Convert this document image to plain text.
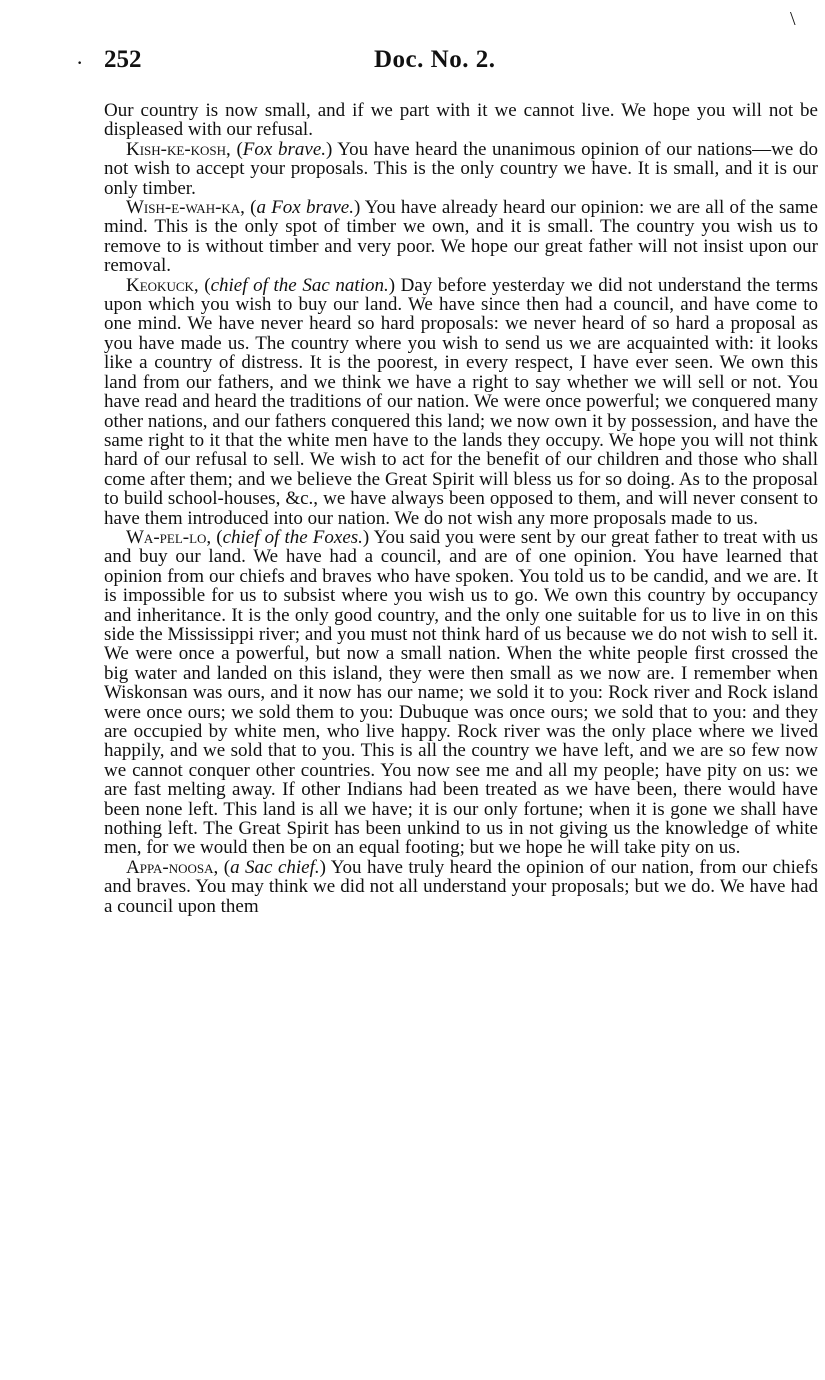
\
· 252	Doc. No. 2.

Our country is now small, and if we part with it we cannot live. We hope you will not be displeased with our refusal.

Kish-ke-kosh, (Fox brave.) You have heard the unanimous opinion of our nations—we do not wish to accept your proposals. This is the only country we have. It is small, and it is our only timber.

Wish-e-wah-ka, (a Fox brave.) You have already heard our opinion: we are all of the same mind. This is the only spot of timber we own, and it is small. The country you wish us to remove to is without timber and very poor. We hope our great father will not insist upon our removal.

Keokuck, (chief of the Sac nation.) Day before yesterday we did not understand the terms upon which you wish to buy our land. We have since then had a council, and have come to one mind. We have never heard so hard proposals: we never heard of so hard a proposal as you have made us. The country where you wish to send us we are acquainted with: it looks like a country of distress. It is the poorest, in every respect, I have ever seen. We own this land from our fathers, and we think we have a right to say whether we will sell or not. You have read and heard the traditions of our nation. We were once powerful; we conquered many other nations, and our fathers conquered this land; we now own it by possession, and have the same right to it that the white men have to the lands they occupy. We hope you will not think hard of our refusal to sell. We wish to act for the benefit of our children and those who shall come after them; and we believe the Great Spirit will bless us for so doing. As to the proposal to build school-houses, &c., we have always been opposed to them, and will never consent to have them introduced into our nation. We do not wish any more proposals made to us.

Wa-pel-lo, (chief of the Foxes.) You said you were sent by our great father to treat with us and buy our land. We have had a council, and are of one opinion. You have learned that opinion from our chiefs and braves who have spoken. You told us to be candid, and we are. It is impossible for us to subsist where you wish us to go. We own this country by occupancy and inheritance. It is the only good country, and the only one suitable for us to live in on this side the Mississippi river; and you must not think hard of us because we do not wish to sell it. We were once a powerful, but now a small nation. When the white people first crossed the big water and landed on this island, they were then small as we now are. I remember when Wiskonsan was ours, and it now has our name; we sold it to you: Rock river and Rock island were once ours; we sold them to you: Dubuque was once ours; we sold that to you: and they are occupied by white men, who live happy. Rock river was the only place where we lived happily, and we sold that to you. This is all the country we have left, and we are so few now we cannot conquer other countries. You now see me and all my people; have pity on us: we are fast melting away. If other Indians had been treated as we have been, there would have been none left. This land is all we have; it is our only fortune; when it is gone we shall have nothing left. The Great Spirit has been unkind to us in not giving us the knowledge of white men, for we would then be on an equal footing; but we hope he will take pity on us.

Appa-noosa, (a Sac chief.) You have truly heard the opinion of our nation, from our chiefs and braves. You may think we did not all understand your proposals; but we do. We have had a council upon them
